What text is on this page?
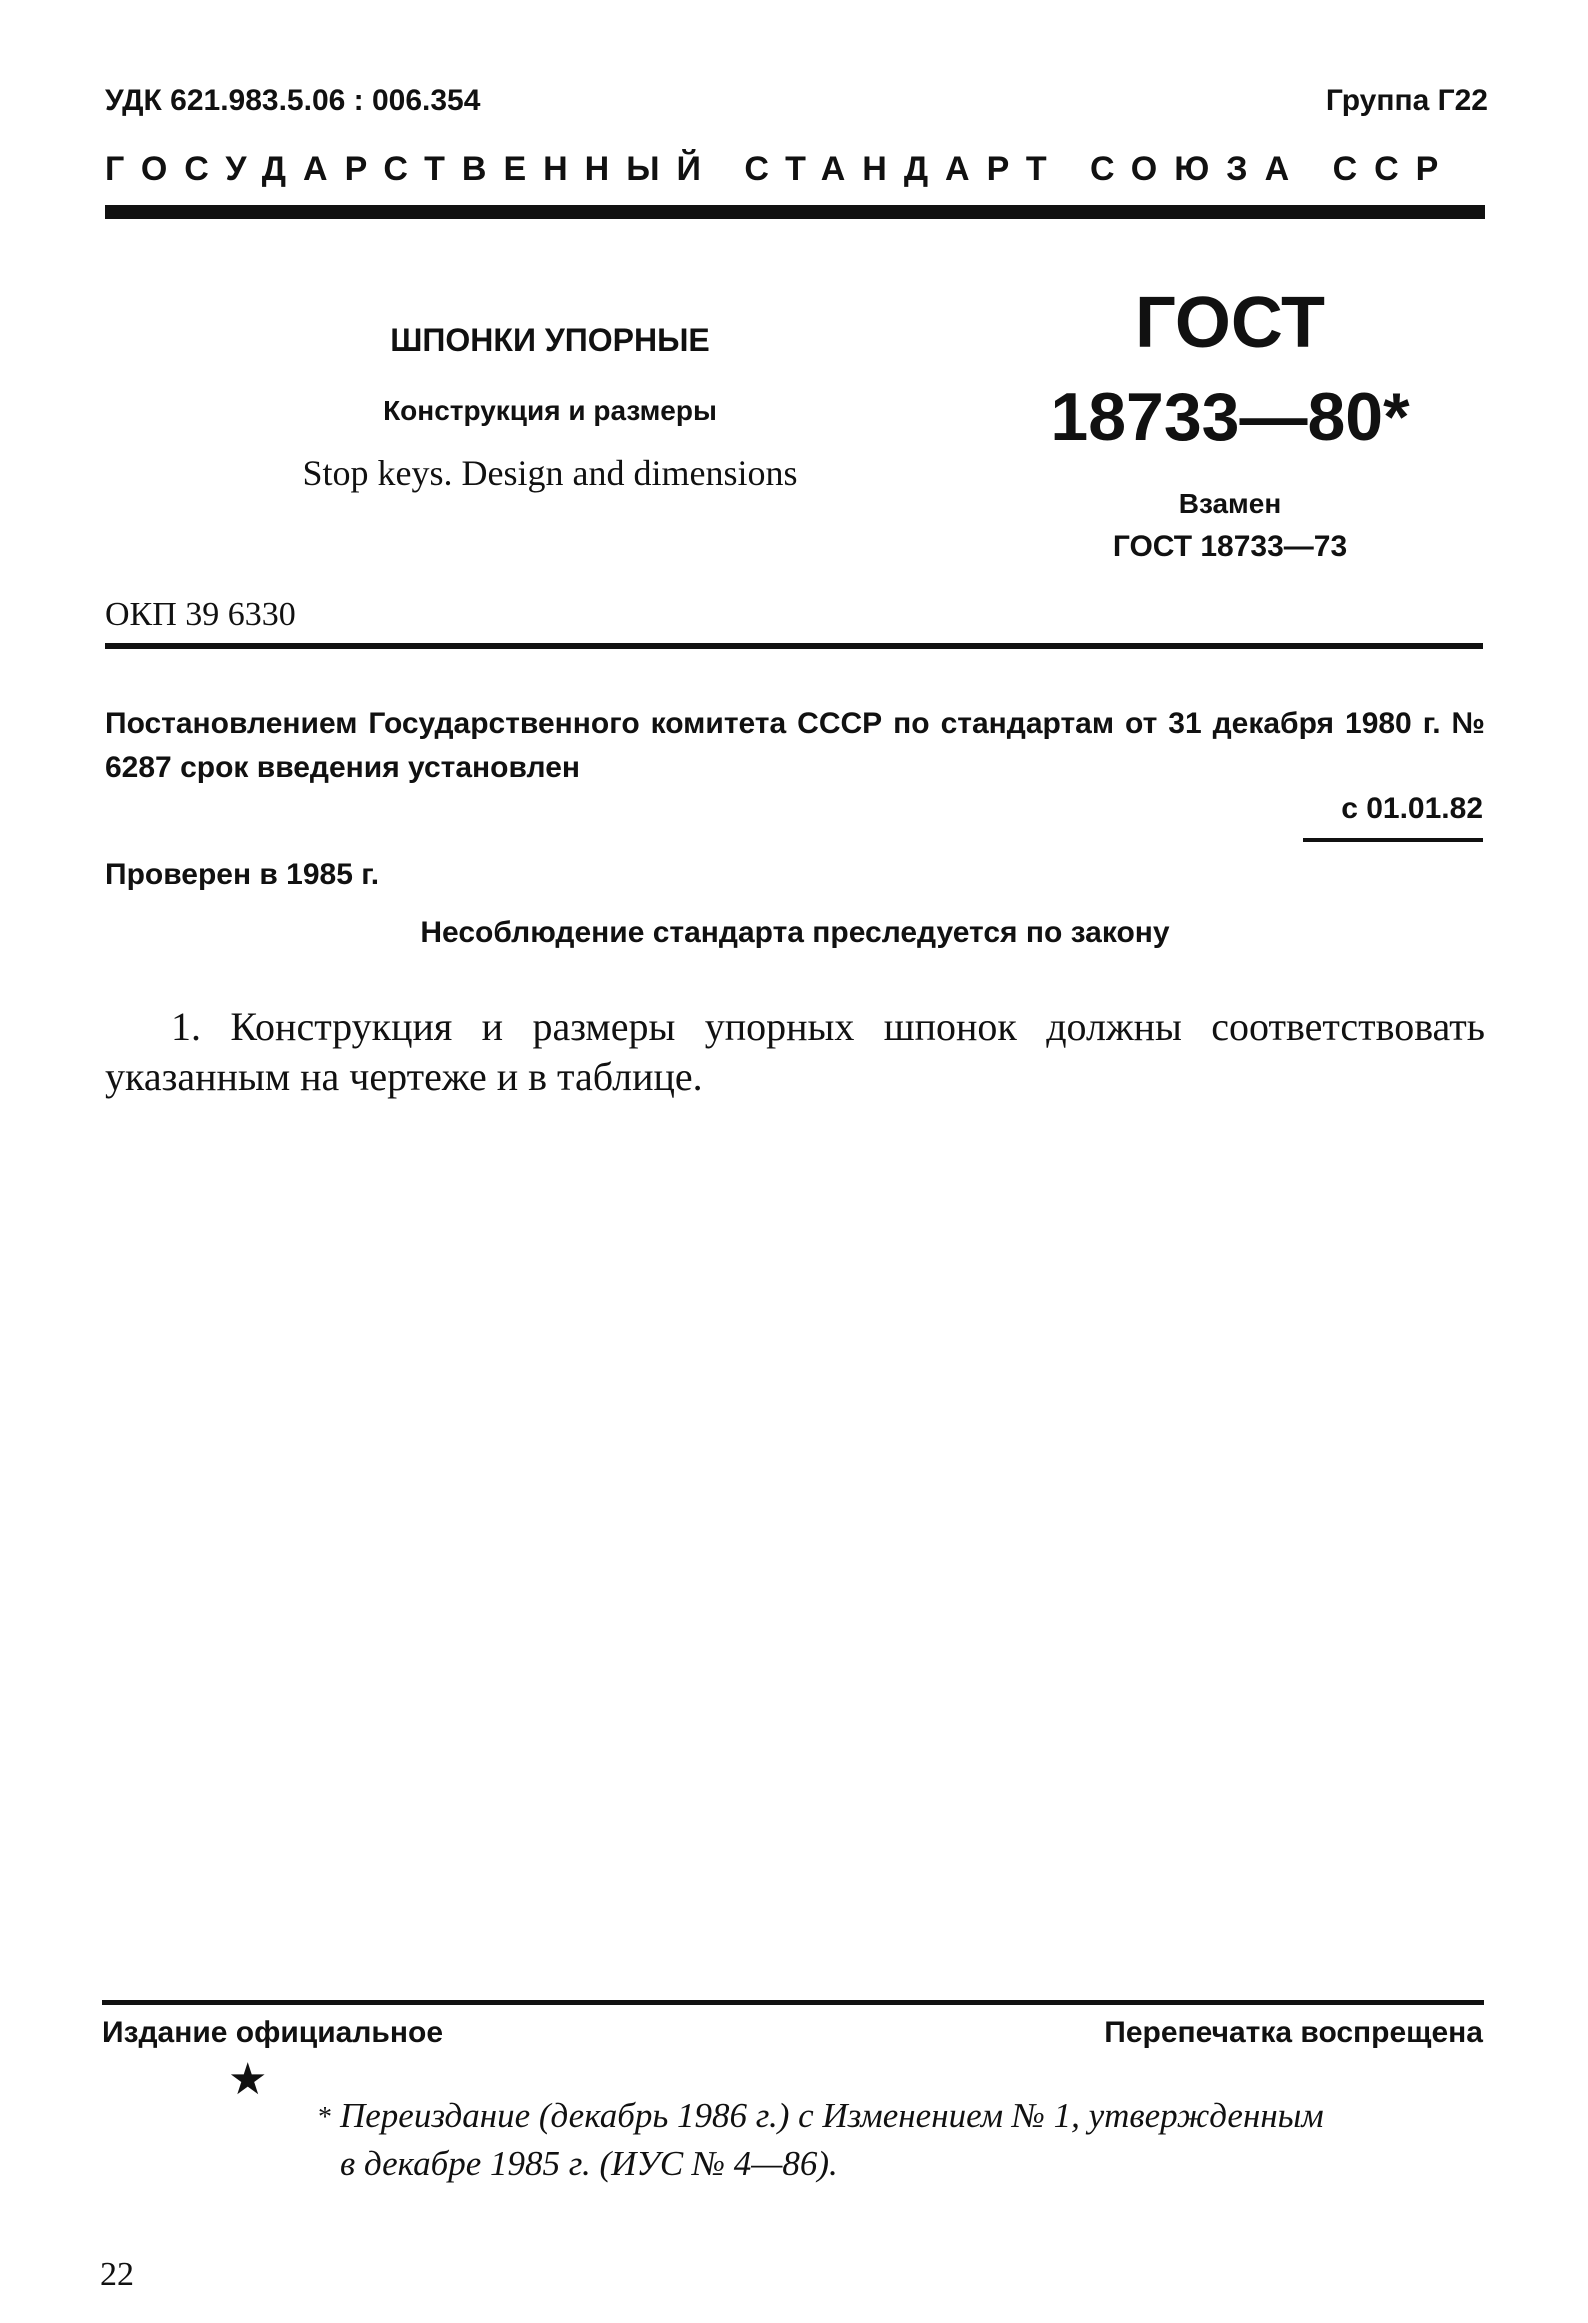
УДК 621.983.5.06 : 006.354	Группа Г22
ГОСУДАРСТВЕННЫЙ СТАНДАРТ СОЮЗА ССР
ШПОНКИ УПОРНЫЕ
Конструкция и размеры
Stop keys. Design and dimensions
ГОСТ
18733—80*
Взамен
ГОСТ 18733—73
ОКП 39 6330
Постановлением Государственного комитета СССР по стандартам от 31 декабря 1980 г. № 6287 срок введения установлен
с 01.01.82
Проверен в 1985 г.
Несоблюдение стандарта преследуется по закону
1. Конструкция и размеры упорных шпонок должны соответствовать указанным на чертеже и в таблице.
Издание официальное	Перепечатка воспрещена
★
* Переиздание (декабрь 1986 г.) с Изменением № 1, утвержденным в декабре 1985 г. (ИУС № 4—86).
22
